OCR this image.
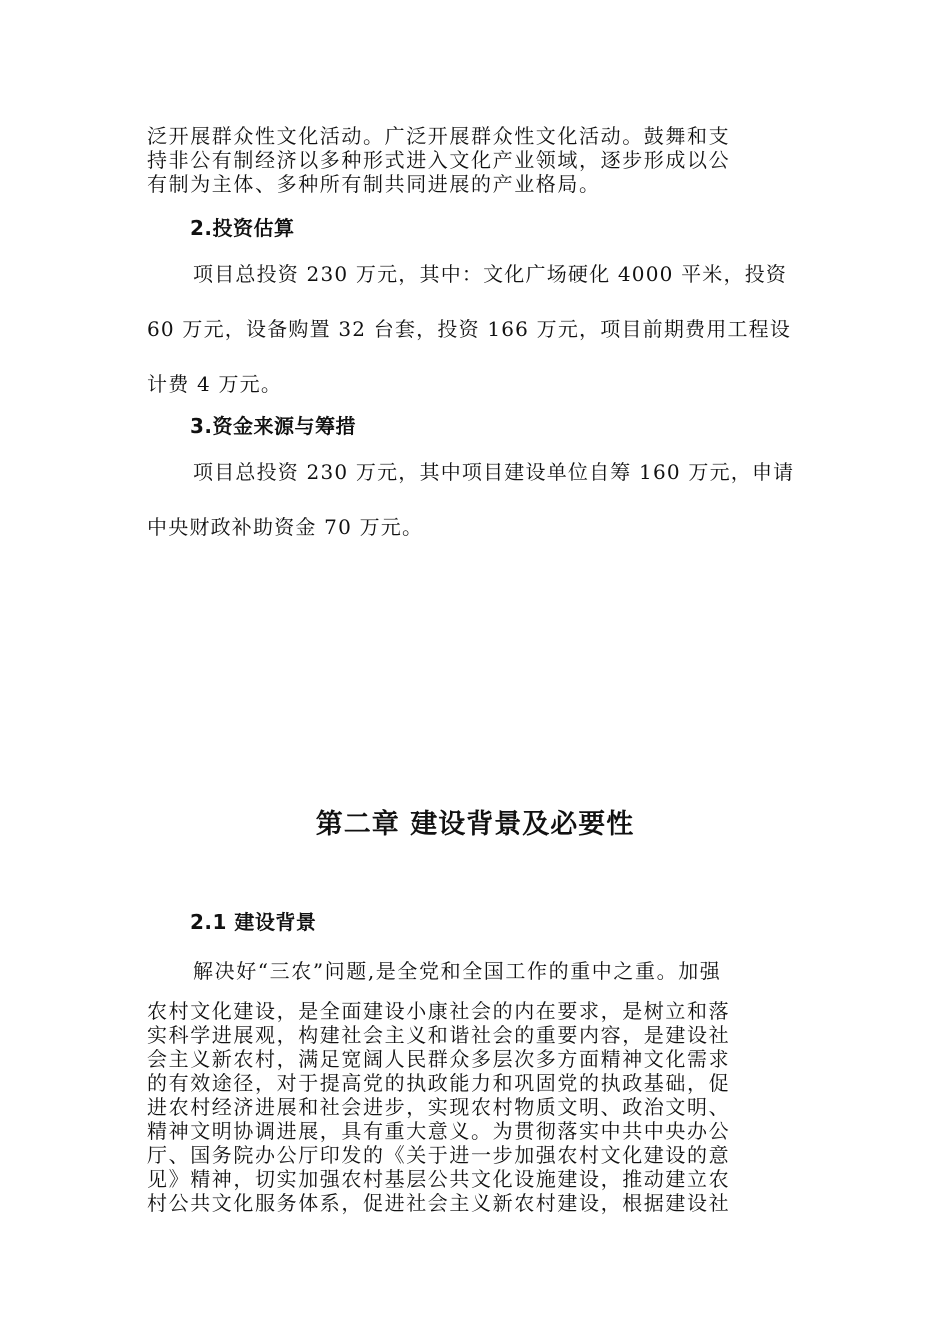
泛开展群众性文化活动。广泛开展群众性文化活动。鼓舞和支

持非公有制经济以多种形式进入文化产业领域，逐步形成以公

有制为主体、多种所有制共同进展的产业格局。

2.投资估算

项目总投资 230 万元，其中：文化广场硬化 4000 平米，投资 60 万元，设备购置 32 台套，投资 166 万元，项目前期费用工程设计费 4 万元。

3.资金来源与筹措

项目总投资 230 万元，其中项目建设单位自筹 160 万元，申请中央财政补助资金 70 万元。

第二章 建设背景及必要性

2.1 建设背景

解决好“三农”问题,是全党和全国工作的重中之重。加强

农村文化建设，是全面建设小康社会的内在要求，是树立和落

实科学进展观，构建社会主义和谐社会的重要内容，是建设社

会主义新农村，满足宽阔人民群众多层次多方面精神文化需求

的有效途径，对于提高党的执政能力和巩固党的执政基础，促

进农村经济进展和社会进步，实现农村物质文明、政治文明、

精神文明协调进展，具有重大意义。为贯彻落实中共中央办公

厅、国务院办公厅印发的《关于进一步加强农村文化建设的意

见》精神，切实加强农村基层公共文化设施建设，推动建立农

村公共文化服务体系，促进社会主义新农村建设，根据建设社
